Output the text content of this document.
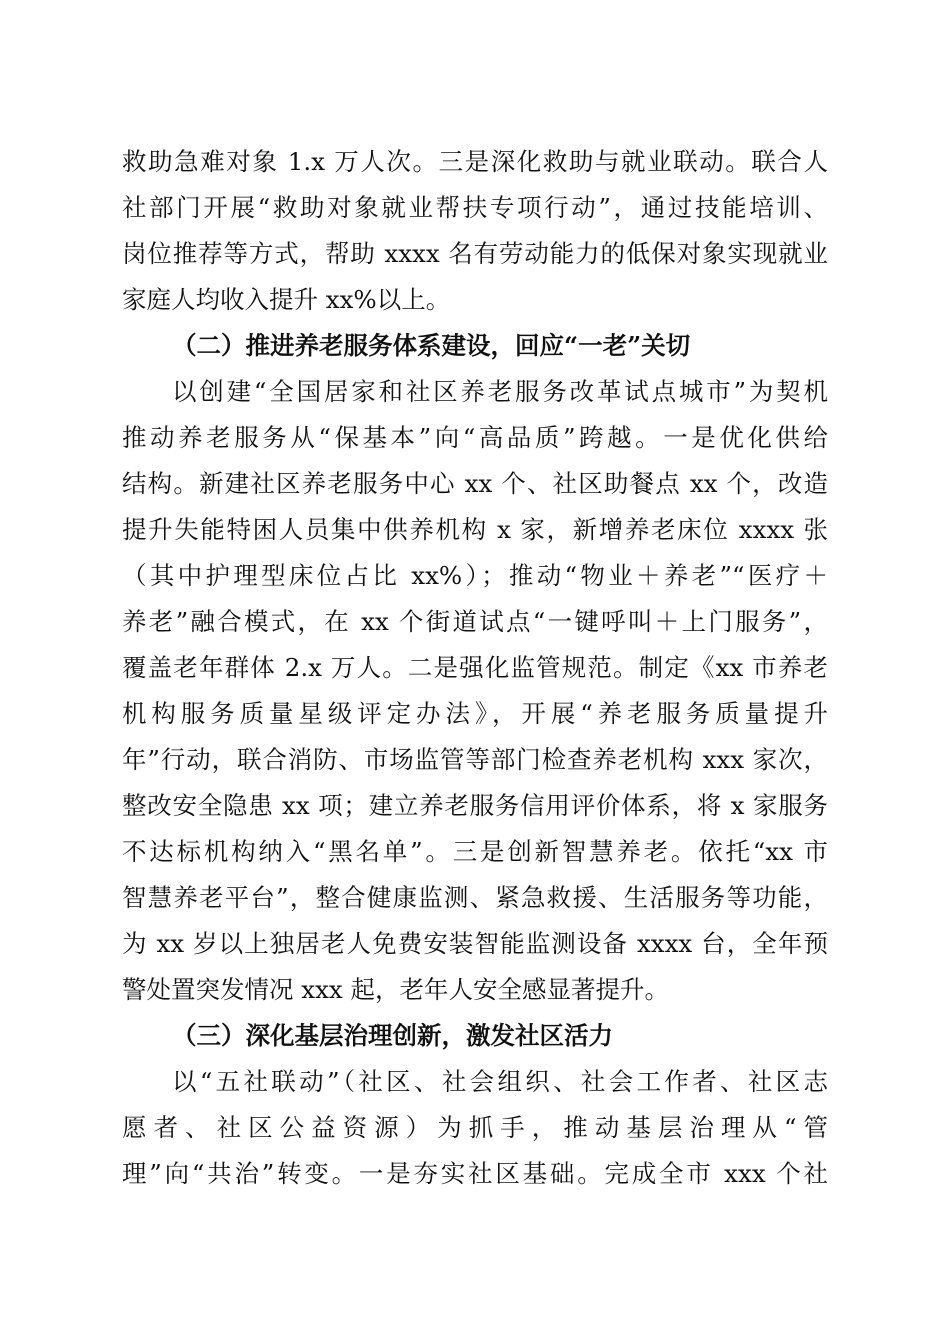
救助急难对象 1.x 万人次。三是深化救助与就业联动。联合人
社部门开展“救助对象就业帮扶专项行动”，通过技能培训、
岗位推荐等方式，帮助 xxxx 名有劳动能力的低保对象实现就业
家庭人均收入提升 xx%以上。
（二）推进养老服务体系建设，回应“一老”关切
以创建“全国居家和社区养老服务改革试点城市”为契机
推动养老服务从“保基本”向“高品质”跨越。一是优化供给
结构。新建社区养老服务中心 xx 个、社区助餐点 xx 个，改造
提升失能特困人员集中供养机构 x 家，新增养老床位 xxxx 张
（其中护理型床位占比 xx%）；推动“物业＋养老”“医疗＋
养老”融合模式，在 xx 个街道试点“一键呼叫＋上门服务”，
覆盖老年群体 2.x 万人。二是强化监管规范。制定《xx 市养老
机构服务质量星级评定办法》，开展“养老服务质量提升
年”行动，联合消防、市场监管等部门检查养老机构 xxx 家次，
整改安全隐患 xx 项；建立养老服务信用评价体系，将 x 家服务
不达标机构纳入“黑名单”。三是创新智慧养老。依托“xx 市
智慧养老平台”，整合健康监测、紧急救援、生活服务等功能，
为 xx 岁以上独居老人免费安装智能监测设备 xxxx 台，全年预
警处置突发情况 xxx 起，老年人安全感显著提升。
（三）深化基层治理创新，激发社区活力
以“五社联动”（社区、社会组织、社会工作者、社区志
愿者、社区公益资源）为抓手，推动基层治理从“管
理”向“共治”转变。一是夯实社区基础。完成全市 xxx 个社
